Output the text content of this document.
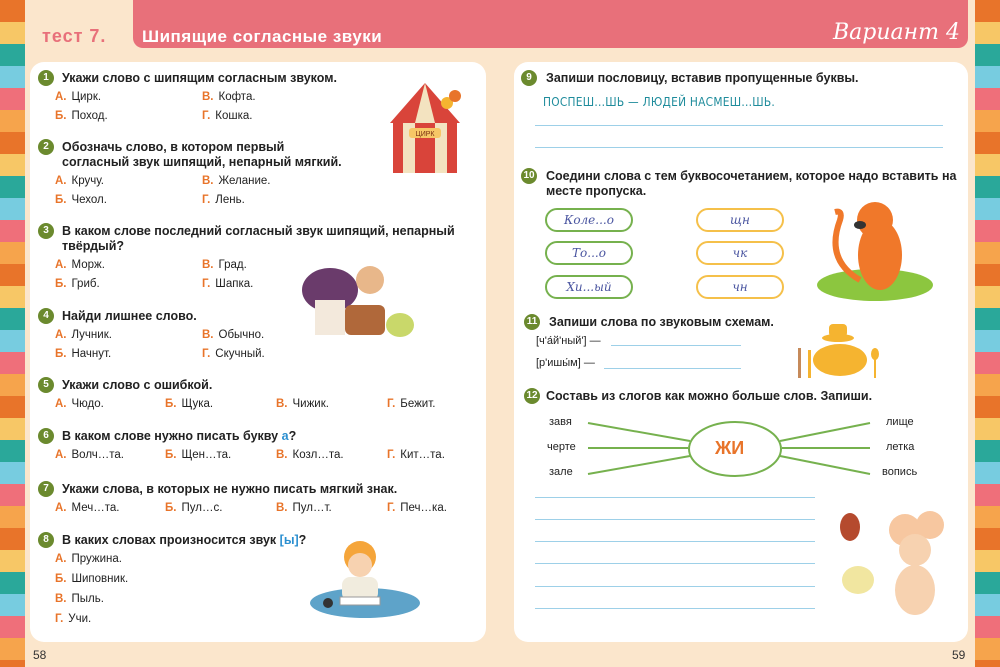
тест 7. Шипящие согласные звуки	Вариант 4
1	Укажи слово с шипящим согласным звуком.
А. Цирк.	В. Кофта.
Б. Поход.	Г. Кошка.
2	Обозначь слово, в котором первый
согласный звук шипящий, непарный мягкий.
А. Кручу.	В. Желание.
Б. Чехол.	Г. Лень.
3	В каком слове последний согласный звук шипящий, непарный
твёрдый?
А. Морж.	В. Град.
Б. Гриб.	Г. Шапка.
4	Найди лишнее слово.
А. Лучник.	В. Обычно.
Б. Начнут.	Г. Скучный.
5	Укажи слово с ошибкой.
А. Чюдо.	Б. Щука.	В. Чижик.	Г. Бежит.
6	В каком слове нужно писать букву а?
А. Волч…та.	Б. Щен…та.	В. Козл…та.	Г. Кит…та.
7	Укажи слова, в которых не нужно писать мягкий знак.
А. Меч…та.	Б. Пул…с.	В. Пул…т.	Г. Печ…ка.
8	В каких словах произносится звук [ы]?
А. Пружина.
Б. Шиповник.
В. Пыль.
Г. Учи.
ЦИРК
9	Запиши пословицу, вставив пропущенные буквы.
ПОСПЕШ...ШЬ — ЛЮДЕЙ НАСМЕШ...ШЬ.
10 Соедини слова с тем буквосочетанием, которое надо вставить на
месте пропуска.
Коле...о
То...о
Хи...ый
щн
чк
чн
11 Запиши слова по звуковым схемам.
[ч'а́й'ный'] —
[р'ишы́м] —
12 Составь из слогов как можно больше слов. Запиши.
ЖИ
завя
черте
зале
лище
летка
вопись
58	59
